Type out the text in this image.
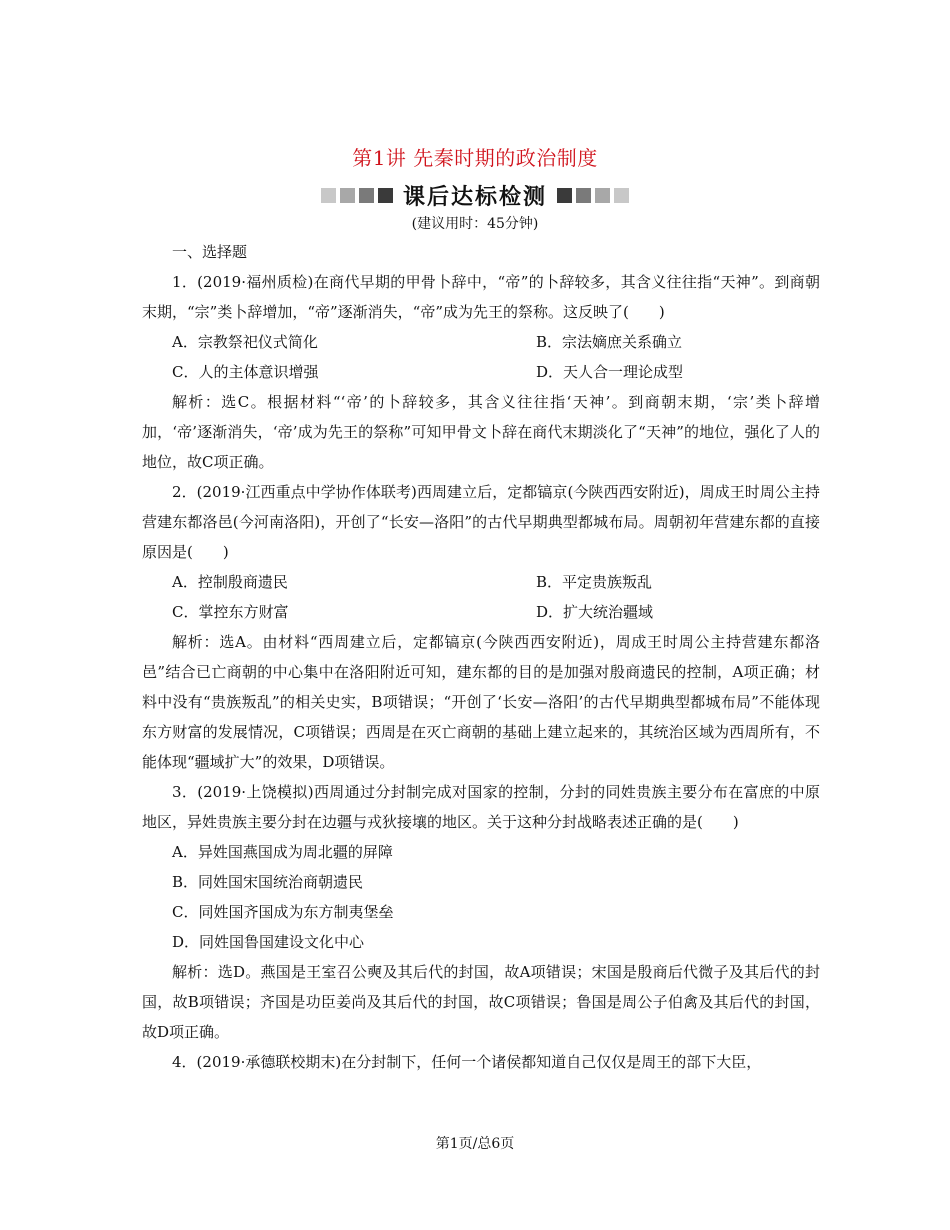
第1讲 先秦时期的政治制度
课后达标检测
(建议用时：45分钟)

一、选择题

1．(2019·福州质检)在商代早期的甲骨卜辞中，“帝”的卜辞较多，其含义往往指“天神”。到商朝末期，“宗”类卜辞增加，“帝”逐渐消失，“帝”成为先王的祭称。这反映了(　　)

A．宗教祭祀仪式简化	B．宗法嫡庶关系确立
C．人的主体意识增强	D．天人合一理论成型

解析：选C。根据材料“‘帝’的卜辞较多，其含义往往指‘天神’。到商朝末期，‘宗’类卜辞增加，‘帝’逐渐消失，‘帝’成为先王的祭称”可知甲骨文卜辞在商代末期淡化了“天神”的地位，强化了人的地位，故C项正确。

2．(2019·江西重点中学协作体联考)西周建立后，定都镐京(今陕西西安附近)，周成王时周公主持营建东都洛邑(今河南洛阳)，开创了“长安—洛阳”的古代早期典型都城布局。周朝初年营建东都的直接原因是(　　)

A．控制殷商遗民	B．平定贵族叛乱
C．掌控东方财富	D．扩大统治疆域

解析：选A。由材料“西周建立后，定都镐京(今陕西西安附近)，周成王时周公主持营建东都洛邑”结合已亡商朝的中心集中在洛阳附近可知，建东都的目的是加强对殷商遗民的控制，A项正确；材料中没有“贵族叛乱”的相关史实，B项错误；“开创了‘长安—洛阳’的古代早期典型都城布局”不能体现东方财富的发展情况，C项错误；西周是在灭亡商朝的基础上建立起来的，其统治区域为西周所有，不能体现“疆域扩大”的效果，D项错误。

3．(2019·上饶模拟)西周通过分封制完成对国家的控制，分封的同姓贵族主要分布在富庶的中原地区，异姓贵族主要分封在边疆与戎狄接壤的地区。关于这种分封战略表述正确的是(　　)

A．异姓国燕国成为周北疆的屏障
B．同姓国宋国统治商朝遗民
C．同姓国齐国成为东方制夷堡垒
D．同姓国鲁国建设文化中心

解析：选D。燕国是王室召公奭及其后代的封国，故A项错误；宋国是殷商后代微子及其后代的封国，故B项错误；齐国是功臣姜尚及其后代的封国，故C项错误；鲁国是周公子伯禽及其后代的封国，故D项正确。

4．(2019·承德联校期末)在分封制下，任何一个诸侯都知道自己仅仅是周王的部下大臣，

第1页/总6页
